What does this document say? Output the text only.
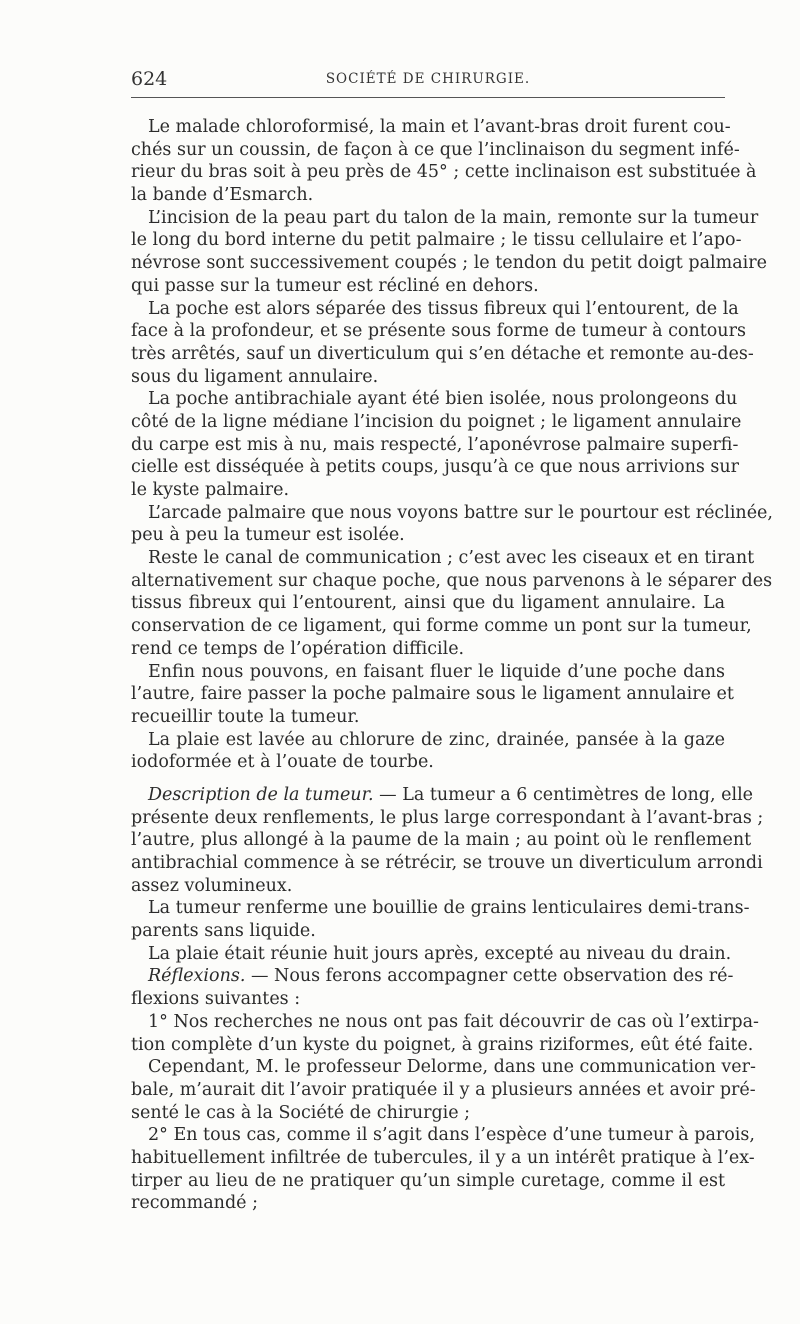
624	SOCIÉTÉ DE CHIRURGIE.
Le malade chloroformisé, la main et l’avant-bras droit furent cou-
chés sur un coussin, de façon à ce que l’inclinaison du segment infé-
rieur du bras soit à peu près de 45° ; cette inclinaison est substituée à
la bande d’Esmarch.
L’incision de la peau part du talon de la main, remonte sur la tumeur
le long du bord interne du petit palmaire ; le tissu cellulaire et l’apo-
névrose sont successivement coupés ; le tendon du petit doigt palmaire
qui passe sur la tumeur est récliné en dehors.
La poche est alors séparée des tissus fibreux qui l’entourent, de la
face à la profondeur, et se présente sous forme de tumeur à contours
très arrêtés, sauf un diverticulum qui s’en détache et remonte au-des-
sous du ligament annulaire.
La poche antibrachiale ayant été bien isolée, nous prolongeons du
côté de la ligne médiane l’incision du poignet ; le ligament annulaire
du carpe est mis à nu, mais respecté, l’aponévrose palmaire superfi-
cielle est disséquée à petits coups, jusqu’à ce que nous arrivions sur
le kyste palmaire.
L’arcade palmaire que nous voyons battre sur le pourtour est réclinée,
peu à peu la tumeur est isolée.
Reste le canal de communication ; c’est avec les ciseaux et en tirant
alternativement sur chaque poche, que nous parvenons à le séparer des
tissus fibreux qui l’entourent, ainsi que du ligament annulaire. La
conservation de ce ligament, qui forme comme un pont sur la tumeur,
rend ce temps de l’opération difficile.
Enfin nous pouvons, en faisant fluer le liquide d’une poche dans
l’autre, faire passer la poche palmaire sous le ligament annulaire et
recueillir toute la tumeur.
La plaie est lavée au chlorure de zinc, drainée, pansée à la gaze
iodoformée et à l’ouate de tourbe.
Description de la tumeur. — La tumeur a 6 centimètres de long, elle
présente deux renflements, le plus large correspondant à l’avant-bras ;
l’autre, plus allongé à la paume de la main ; au point où le renflement
antibrachial commence à se rétrécir, se trouve un diverticulum arrondi
assez volumineux.
La tumeur renferme une bouillie de grains lenticulaires demi-trans-
parents sans liquide.
La plaie était réunie huit jours après, excepté au niveau du drain.
Réflexions. — Nous ferons accompagner cette observation des ré-
flexions suivantes :
1° Nos recherches ne nous ont pas fait découvrir de cas où l’extirpa-
tion complète d’un kyste du poignet, à grains riziformes, eût été faite.
Cependant, M. le professeur Delorme, dans une communication ver-
bale, m’aurait dit l’avoir pratiquée il y a plusieurs années et avoir pré-
senté le cas à la Société de chirurgie ;
2° En tous cas, comme il s’agit dans l’espèce d’une tumeur à parois,
habituellement infiltrée de tubercules, il y a un intérêt pratique à l’ex-
tirper au lieu de ne pratiquer qu’un simple curetage, comme il est
recommandé ;
